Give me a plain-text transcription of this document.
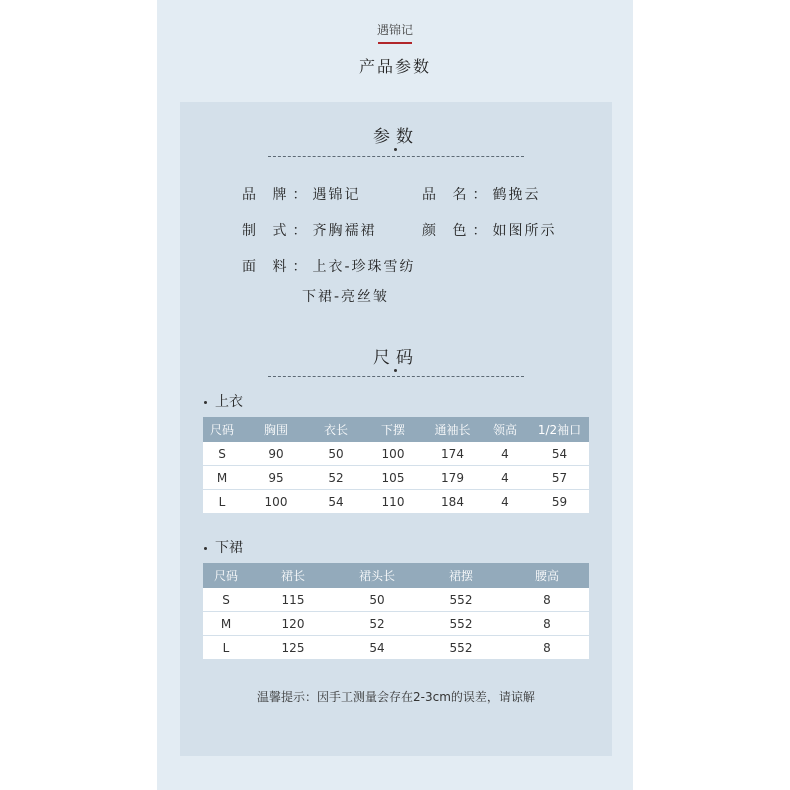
遇锦记
产品参数
参数
品 牌：遇锦记	品 名：鹤挽云
制 式：齐胸襦裙	颜 色：如图所示
面 料：上衣-珍珠雪纺
下裙-亮丝皱
尺码
上衣
尺码	胸围	衣长	下摆	通袖长	领高	1/2袖口
S	90	50	100	174	4	54
M	95	52	105	179	4	57
L	100	54	110	184	4	59
下裙
尺码	裙长	裙头长	裙摆	腰高
S	115	50	552	8
M	120	52	552	8
L	125	54	552	8
温馨提示：因手工测量会存在2-3cm的误差，请谅解
